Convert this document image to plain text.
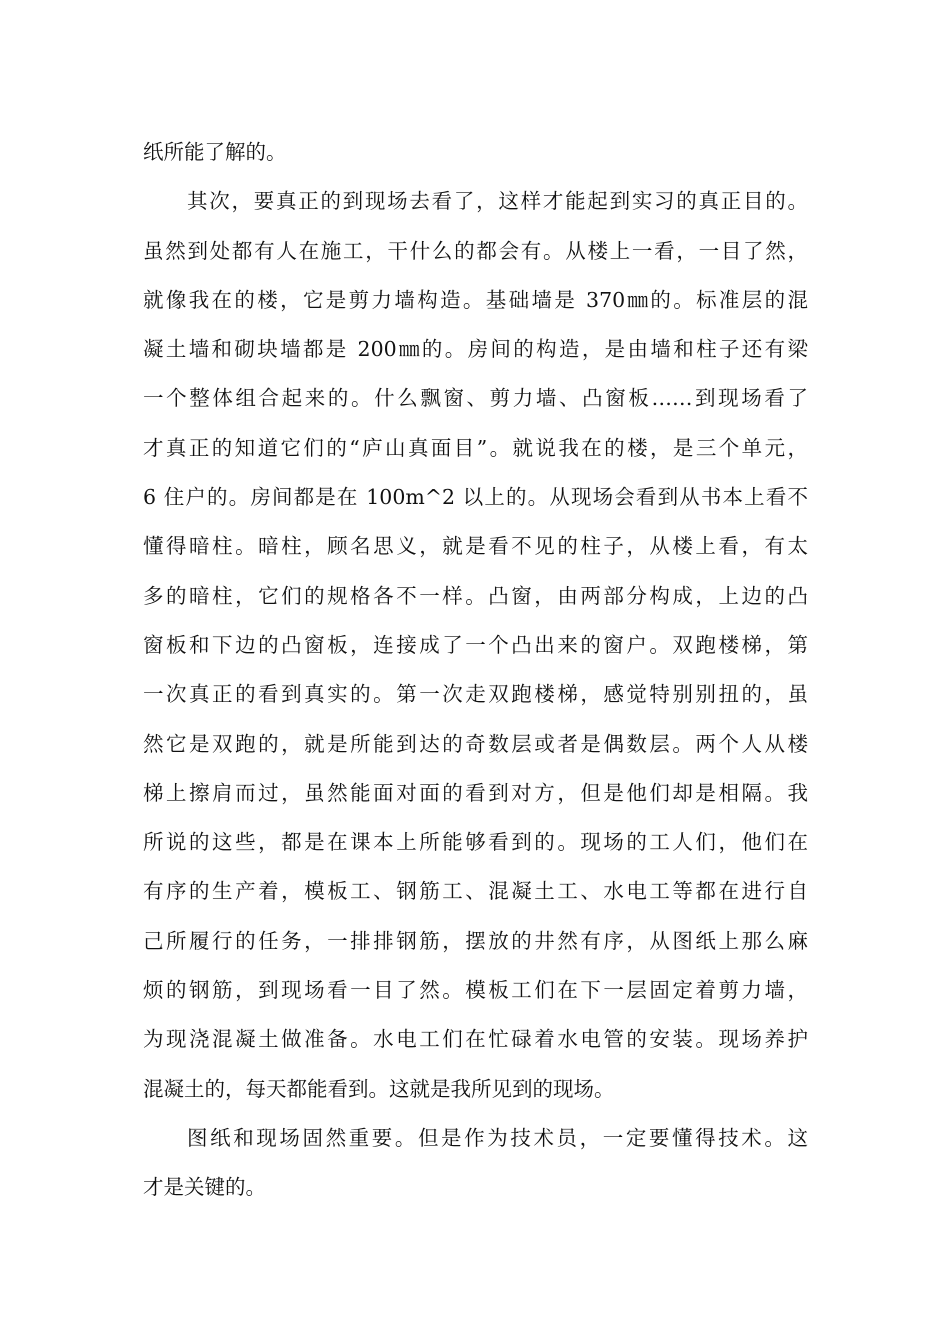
纸所能了解的。
其次，要真正的到现场去看了，这样才能起到实习的真正目的。
虽然到处都有人在施工，干什么的都会有。从楼上一看，一目了然，
就像我在的楼，它是剪力墙构造。基础墙是 370㎜的。标准层的混
凝土墙和砌块墙都是 200㎜的。房间的构造，是由墙和柱子还有梁
一个整体组合起来的。什么飘窗、剪力墙、凸窗板……到现场看了
才真正的知道它们的“庐山真面目”。就说我在的楼，是三个单元，
6 住户的。房间都是在 100m^2 以上的。从现场会看到从书本上看不
懂得暗柱。暗柱，顾名思义，就是看不见的柱子，从楼上看，有太
多的暗柱，它们的规格各不一样。凸窗，由两部分构成，上边的凸
窗板和下边的凸窗板，连接成了一个凸出来的窗户。双跑楼梯，第
一次真正的看到真实的。第一次走双跑楼梯，感觉特别别扭的，虽
然它是双跑的，就是所能到达的奇数层或者是偶数层。两个人从楼
梯上擦肩而过，虽然能面对面的看到对方，但是他们却是相隔。我
所说的这些，都是在课本上所能够看到的。现场的工人们，他们在
有序的生产着，模板工、钢筋工、混凝土工、水电工等都在进行自
己所履行的任务，一排排钢筋，摆放的井然有序，从图纸上那么麻
烦的钢筋，到现场看一目了然。模板工们在下一层固定着剪力墙，
为现浇混凝土做准备。水电工们在忙碌着水电管的安装。现场养护
混凝土的，每天都能看到。这就是我所见到的现场。
图纸和现场固然重要。但是作为技术员，一定要懂得技术。这
才是关键的。
